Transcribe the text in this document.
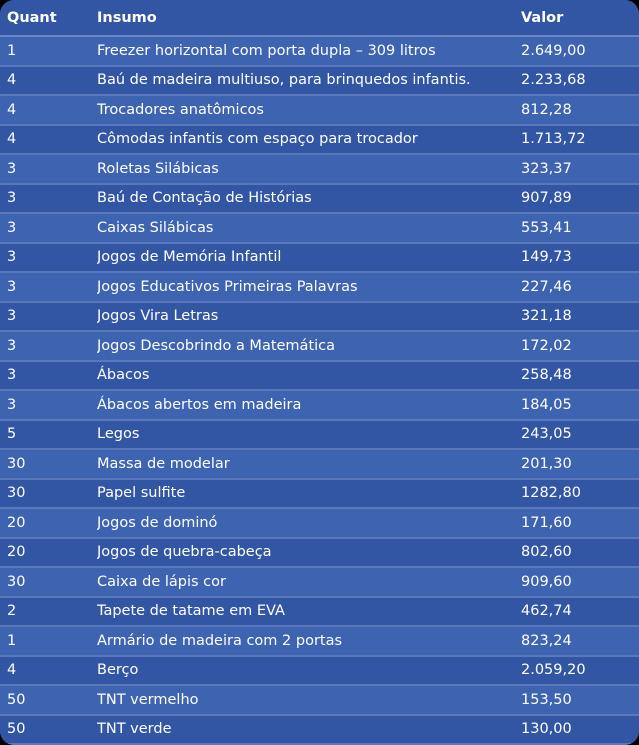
Quant	Insumo	Valor
1	Freezer horizontal com porta dupla – 309 litros	2.649,00
4	Baú de madeira multiuso, para brinquedos infantis.	2.233,68
4	Trocadores anatômicos	812,28
4	Cômodas infantis com espaço para trocador	1.713,72
3	Roletas Silábicas	323,37
3	Baú de Contação de Histórias	907,89
3	Caixas Silábicas	553,41
3	Jogos de Memória Infantil	149,73
3	Jogos Educativos Primeiras Palavras	227,46
3	Jogos Vira Letras	321,18
3	Jogos Descobrindo a Matemática	172,02
3	Ábacos	258,48
3	Ábacos abertos em madeira	184,05
5	Legos	243,05
30	Massa de modelar	201,30
30	Papel sulfite	1282,80
20	Jogos de dominó	171,60
20	Jogos de quebra-cabeça	802,60
30	Caixa de lápis cor	909,60
2	Tapete de tatame em EVA	462,74
1	Armário de madeira com 2 portas	823,24
4	Berço	2.059,20
50	TNT vermelho	153,50
50	TNT verde	130,00
